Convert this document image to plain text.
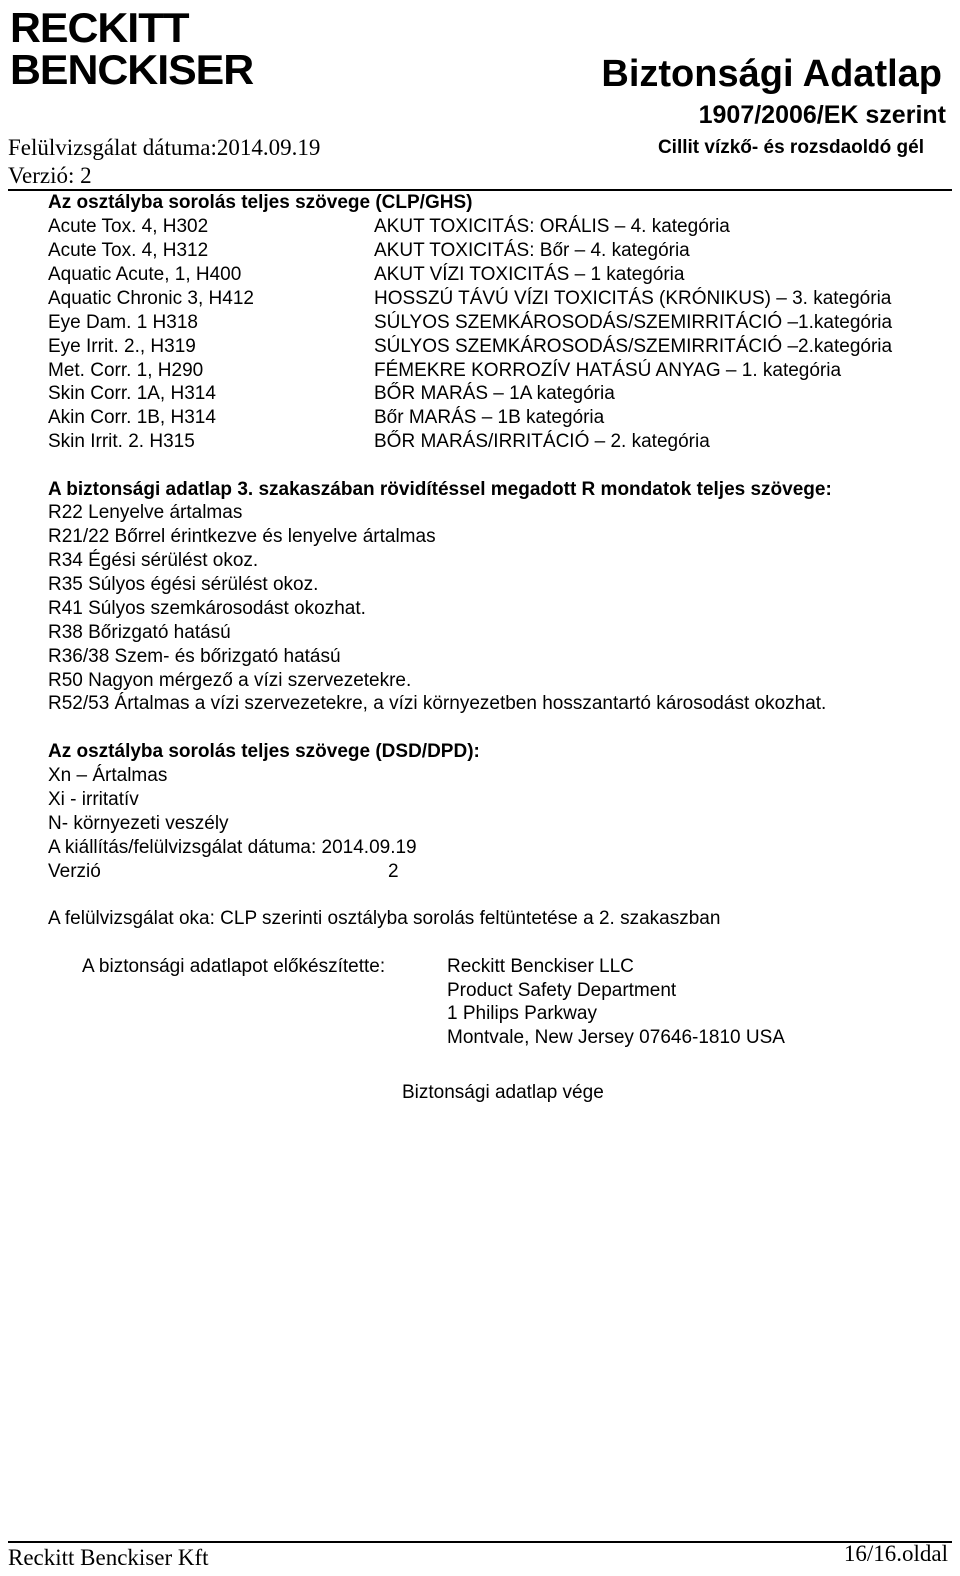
RECKITT
BENCKISER	Biztonsági Adatlap
1907/2006/EK szerint
Felülvizsgálat dátuma:2014.09.19	Cillit vízkő- és rozsdaoldó gél
Verzió: 2
Az osztályba sorolás teljes szövege (CLP/GHS)
Acute Tox. 4, H302	AKUT TOXICITÁS: ORÁLIS – 4. kategória
Acute Tox. 4, H312	AKUT TOXICITÁS: Bőr – 4. kategória
Aquatic Acute, 1, H400	AKUT VÍZI TOXICITÁS – 1 kategória
Aquatic Chronic 3, H412	HOSSZÚ TÁVÚ VÍZI TOXICITÁS (KRÓNIKUS) – 3. kategória
Eye Dam. 1 H318	SÚLYOS SZEMKÁROSODÁS/SZEMIRRITÁCIÓ –1.kategória
Eye Irrit. 2., H319	SÚLYOS SZEMKÁROSODÁS/SZEMIRRITÁCIÓ –2.kategória
Met. Corr. 1, H290	FÉMEKRE KORROZÍV HATÁSÚ ANYAG – 1. kategória
Skin Corr. 1A, H314	BŐR MARÁS – 1A kategória
Akin Corr. 1B, H314	Bőr MARÁS – 1B kategória
Skin Irrit. 2. H315	BŐR MARÁS/IRRITÁCIÓ – 2. kategória
A biztonsági adatlap 3. szakaszában rövidítéssel megadott R mondatok teljes szövege:
R22 Lenyelve ártalmas
R21/22 Bőrrel érintkezve és lenyelve ártalmas
R34 Égési sérülést okoz.
R35 Súlyos égési sérülést okoz.
R41 Súlyos szemkárosodást okozhat.
R38 Bőrizgató hatású
R36/38 Szem- és bőrizgató hatású
R50 Nagyon mérgező a vízi szervezetekre.
R52/53 Ártalmas a vízi szervezetekre, a vízi környezetben hosszantartó károsodást okozhat.
Az osztályba sorolás teljes szövege (DSD/DPD):
Xn – Ártalmas
Xi - irritatív
N- környezeti veszély
A kiállítás/felülvizsgálat dátuma: 2014.09.19
Verzió	2
A felülvizsgálat oka: CLP szerinti osztályba sorolás feltüntetése a 2. szakaszban
A biztonsági adatlapot előkészítette:	Reckitt Benckiser LLC
Product Safety Department
1 Philips Parkway
Montvale, New Jersey 07646-1810 USA
Biztonsági adatlap vége
Reckitt Benckiser Kft	16/16.oldal
